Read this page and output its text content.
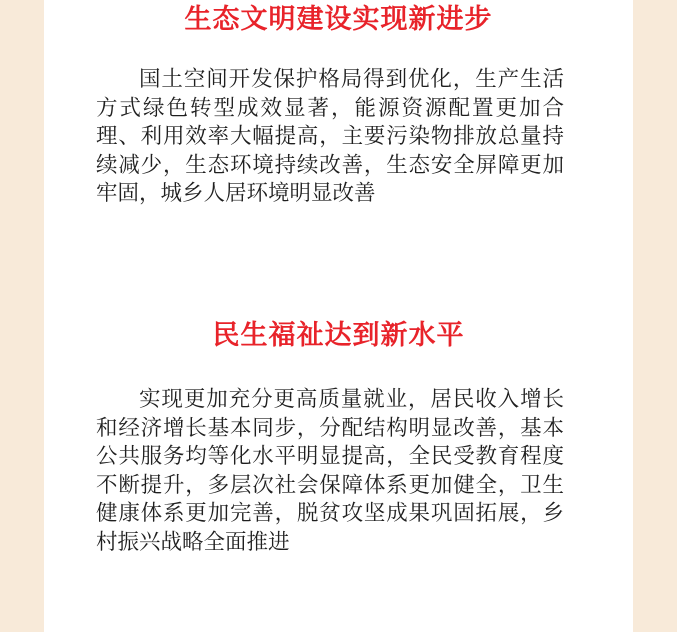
生态文明建设实现新进步
国土空间开发保护格局得到优化，生产生活方式绿色转型成效显著，能源资源配置更加合理、利用效率大幅提高，主要污染物排放总量持续减少，生态环境持续改善，生态安全屏障更加牢固，城乡人居环境明显改善
民生福祉达到新水平
实现更加充分更高质量就业，居民收入增长和经济增长基本同步，分配结构明显改善，基本公共服务均等化水平明显提高，全民受教育程度不断提升，多层次社会保障体系更加健全，卫生健康体系更加完善，脱贫攻坚成果巩固拓展，乡村振兴战略全面推进
